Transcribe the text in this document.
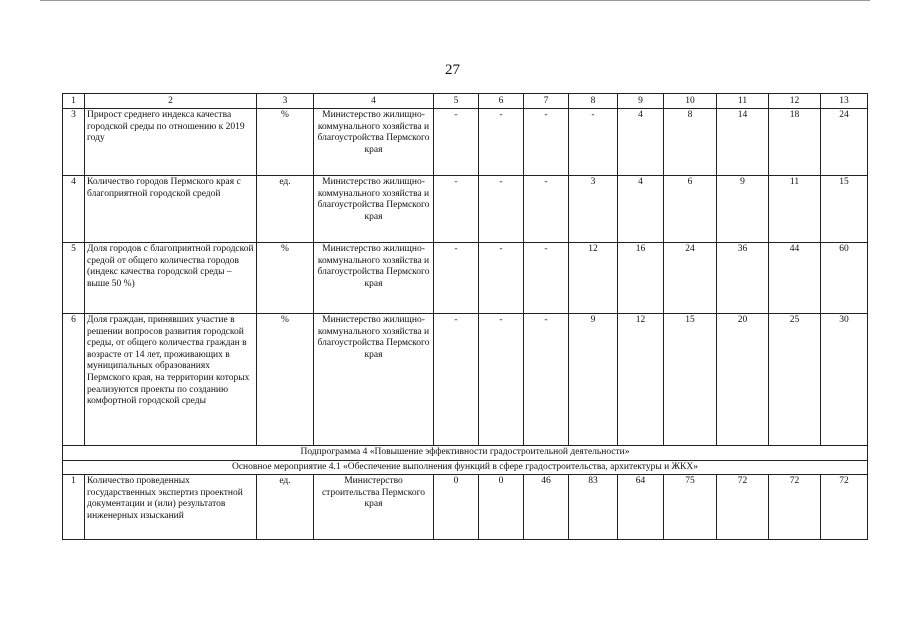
27
1	2	3	4	5	6	7	8	9	10	11	12	13
3	Прирост среднего индекса качества городской среды по отношению к 2019 году	%	Министерство жилищно-коммунального хозяйства и благоустройства Пермского края	-	-	-	-	4	8	14	18	24
4	Количество городов Пермского края с благоприятной городской средой	ед.	Министерство жилищно-коммунального хозяйства и благоустройства Пермского края	-	-	-	3	4	6	9	11	15
5	Доля городов с благоприятной городской средой от общего количества городов (индекс качества городской среды – выше 50 %)	%	Министерство жилищно-коммунального хозяйства и благоустройства Пермского края	-	-	-	12	16	24	36	44	60
6	Доля граждан, принявших участие в решении вопросов развития городской среды, от общего количества граждан в возрасте от 14 лет, проживающих в муниципальных образованиях Пермского края, на территории которых реализуются проекты по созданию комфортной городской среды	%	Министерство жилищно-коммунального хозяйства и благоустройства Пермского края	-	-	-	9	12	15	20	25	30
Подпрограмма 4 «Повышение эффективности градостроительной деятельности»												
Основное мероприятие 4.1 «Обеспечение выполнения функций в сфере градостроительства, архитектуры и ЖКХ»												
1	Количество проведенных государственных экспертиз проектной документации и (или) результатов инженерных изысканий	ед.	Министерство строительства Пермского края	0	0	46	83	64	75	72	72	72
